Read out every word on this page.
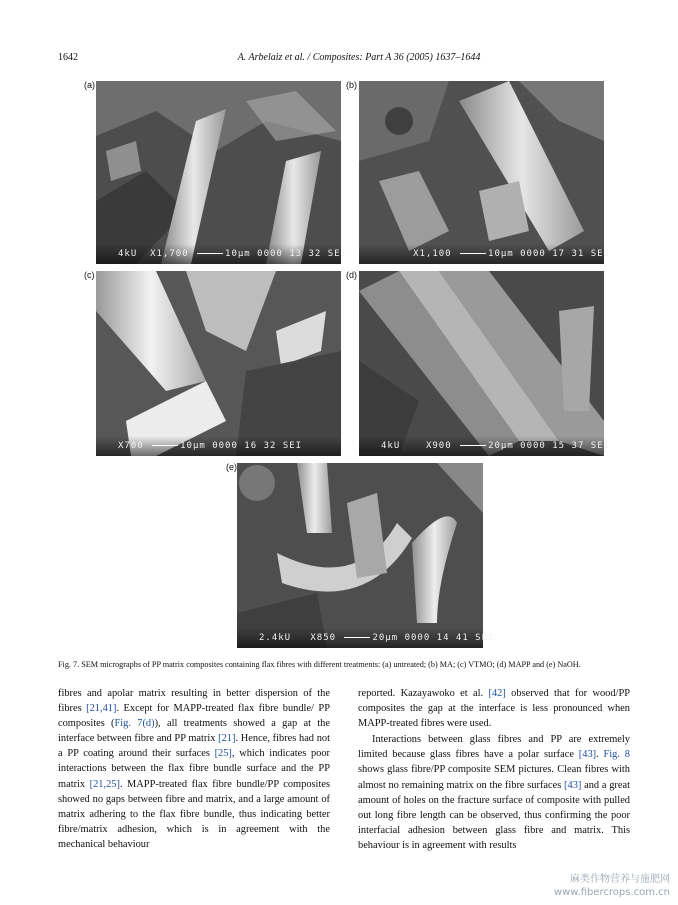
1642	A. Arbelaiz et al. / Composites: Part A 36 (2005) 1637–1644
(a)
4kU X1,700	10μm 0000 13 32 SEI
(b)
X1,100	10μm 0000 17 31 SEI
(c)
X700	10μm 0000 16 32 SEI
(d)
4kU	X900	20μm 0000 15 37 SEI
(e)
2.4kU X850	20μm 0000 14 41 SEI
Fig. 7. SEM micrographs of PP matrix composites containing flax fibres with different treatments: (a) untreated; (b) MA; (c) VTMO; (d) MAPP and (e) NaOH.

fibres and apolar matrix resulting in better dispersion of the fibres [21,41]. Except for MAPP-treated flax fibre bundle/ PP composites (Fig. 7(d)), all treatments showed a gap at the interface between fibre and PP matrix [21]. Hence, fibres had not a PP coating around their surfaces [25], which indicates poor interactions between the flax fibre bundle surface and the PP matrix [21,25]. MAPP-treated flax fibre bundle/PP composites showed no gaps between fibre and matrix, and a large amount of matrix adhering to the flax fibre bundle, thus indicating better fibre/matrix adhesion, which is in agreement with the mechanical behaviour

reported. Kazayawoko et al. [42] observed that for wood/PP composites the gap at the interface is less pronounced when MAPP-treated fibres were used.

Interactions between glass fibres and PP are extremely limited because glass fibres have a polar surface [43]. Fig. 8 shows glass fibre/PP composite SEM pictures. Clean fibres with almost no remaining matrix on the fibre surfaces [43] and a great amount of holes on the fracture surface of composite with pulled out long fibre length can be observed, thus confirming the poor interfacial adhesion between glass fibre and matrix. This behaviour is in agreement with results

麻类作物营养与施肥网
www.fibercrops.com.cn
